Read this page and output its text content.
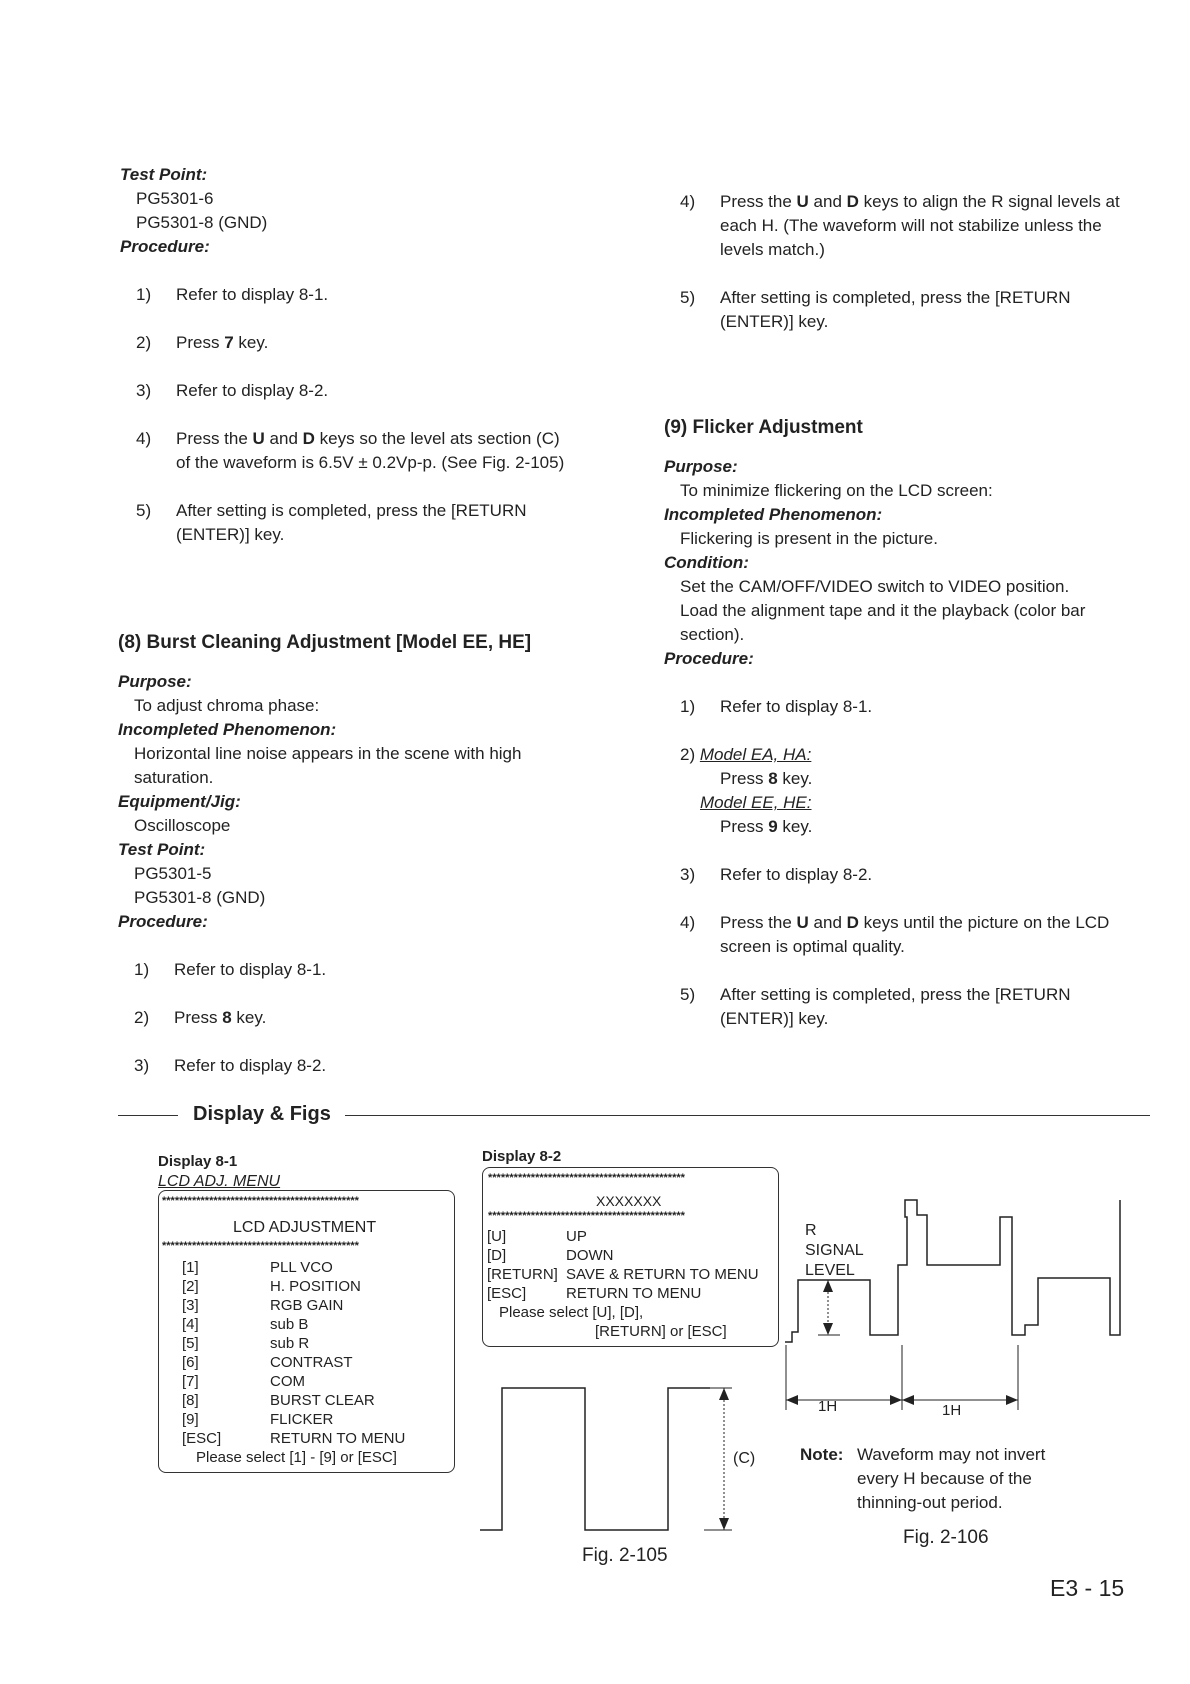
Test Point:
PG5301-6
PG5301-8 (GND)
Procedure:
1)	Refer to display 8-1.
2)	Press 7 key.
3)	Refer to display 8-2.
4)	Press the U and D keys so the level ats section (C)
of the waveform is 6.5V ± 0.2Vp-p. (See Fig. 2-105)
5)	After setting is completed, press the [RETURN
(ENTER)] key.
(8) Burst Cleaning Adjustment [Model EE, HE]
Purpose:
To adjust chroma phase:
Incompleted Phenomenon:
Horizontal line noise appears in the scene with high
saturation.
Equipment/Jig:
Oscilloscope
Test Point:
PG5301-5
PG5301-8 (GND)
Procedure:
1)	Refer to display 8-1.
2)	Press 8 key.
3)	Refer to display 8-2.
4)	Press the U and D keys to align the R signal levels at
each H. (The waveform will not stabilize unless the
levels match.)
5)	After setting is completed, press the [RETURN
(ENTER)] key.
(9) Flicker Adjustment
Purpose:
To minimize flickering on the LCD screen:
Incompleted Phenomenon:
Flickering is present in the picture.
Condition:
Set the CAM/OFF/VIDEO switch to VIDEO position.
Load the alignment tape and it the playback (color bar
section).
Procedure:
1)	Refer to display 8-1.
2) Model EA, HA:
Press 8 key.
Model EE, HE:
Press 9 key.
3)	Refer to display 8-2.
4)	Press the U and D keys until the picture on the LCD
screen is optimal quality.
5)	After setting is completed, press the [RETURN
(ENTER)] key.
Display & Figs
Display 8-1
LCD ADJ. MENU
**********************************************
LCD ADJUSTMENT
**********************************************
[1]	PLL VCO
[2]	H. POSITION
[3]	RGB GAIN
[4]	sub B
[5]	sub R
[6]	CONTRAST
[7]	COM
[8]	BURST CLEAR
[9]	FLICKER
[ESC]	RETURN TO MENU
Please select [1] - [9] or [ESC]
Display 8-2
**********************************************
XXXXXXX
**********************************************
[U]	UP
[D]	DOWN
[RETURN] SAVE & RETURN TO MENU
[ESC]	RETURN TO MENU
Please select [U], [D],
[RETURN] or [ESC]
(C)
Fig. 2-105
R
SIGNAL
LEVEL
1H	1H
Note: Waveform may not invert
every H because of the
thinning-out period.
Fig. 2-106
E3 - 15
